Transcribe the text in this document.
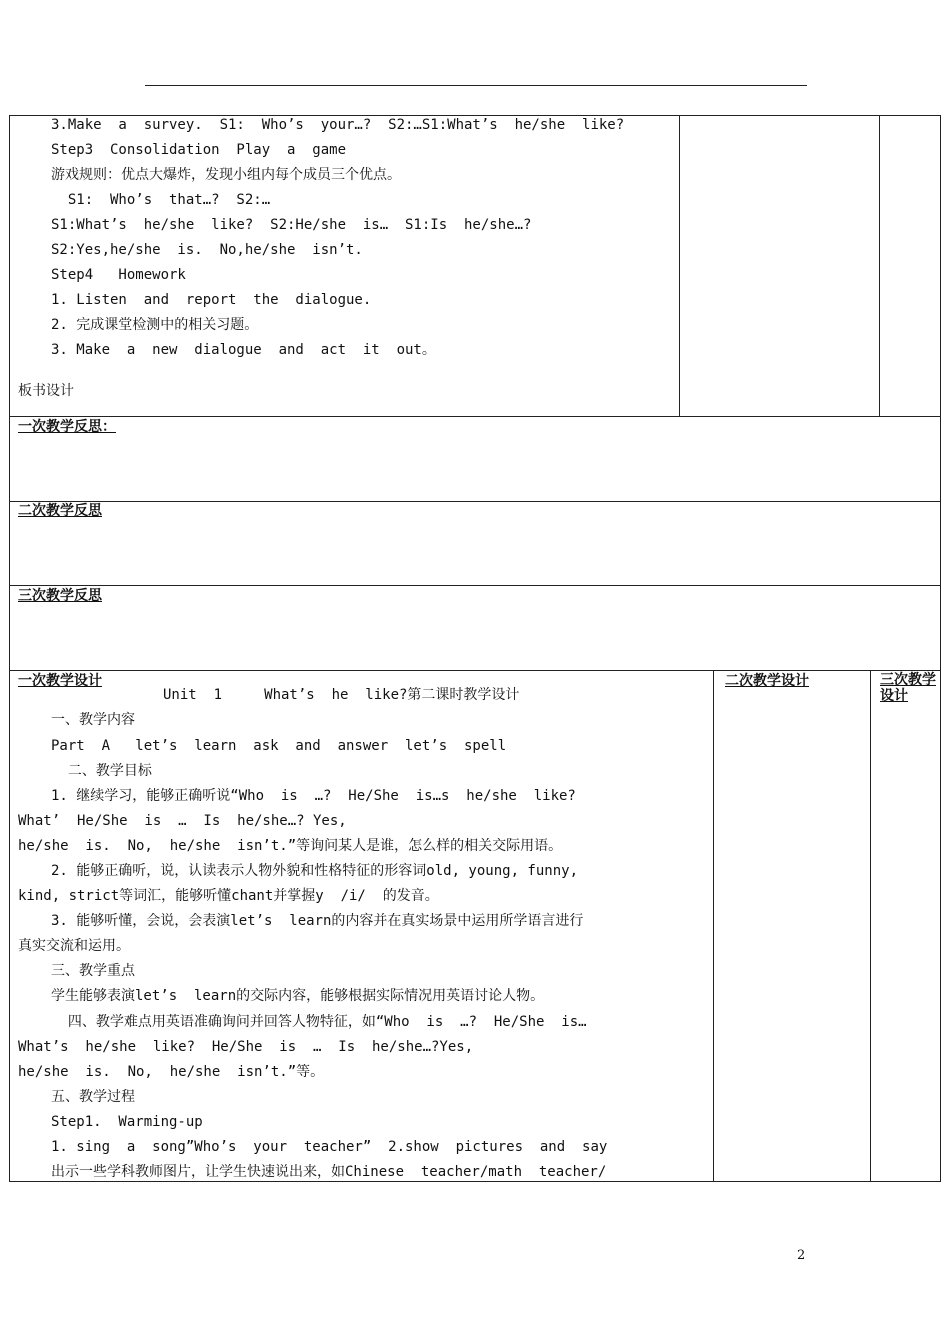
3.Make  a  survey.  S1:  Who’s  your…?  S2:…S1:What’s  he/she  like?
Step3  Consolidation  Play  a  game
游戏规则：优点大爆炸，发现小组内每个成员三个优点。
S1:  Who’s  that…?  S2:…
S1:What’s  he/she  like?  S2:He/she  is…  S1:Is  he/she…?
S2:Yes,he/she  is.  No,he/she  isn’t.
Step4   Homework
1. Listen  and  report  the  dialogue.
2. 完成课堂检测中的相关习题。
3. Make  a  new  dialogue  and  act  it  out。
板书设计
一次教学反思：
二次教学反思
三次教学反思
一次教学设计	二次教学设计	三次教学设计
Unit  1     What’s  he  like?第二课时教学设计
一、教学内容
Part  A   let’s  learn  ask  and  answer  let’s  spell
二、教学目标
1. 继续学习，能够正确听说“Who  is  …?  He/She  is…s  he/she  like?
What’  He/She  is  …  Is  he/she…? Yes,
he/she  is.  No,  he/she  isn’t.”等询问某人是谁，怎么样的相关交际用语。
2. 能够正确听，说，认读表示人物外貌和性格特征的形容词old, young, funny,
kind, strict等词汇，能够听懂chant并掌握y  /i/  的发音。
3. 能够听懂，会说，会表演let’s  learn的内容并在真实场景中运用所学语言进行
真实交流和运用。
三、教学重点
学生能够表演let’s  learn的交际内容，能够根据实际情况用英语讨论人物。
四、教学难点用英语准确询问并回答人物特征，如“Who  is  …?  He/She  is…
What’s  he/she  like?  He/She  is  …  Is  he/she…?Yes,
he/she  is.  No,  he/she  isn’t.”等。
五、教学过程
Step1.  Warming-up
1. sing  a  song”Who’s  your  teacher”  2.show  pictures  and  say
出示一些学科教师图片，让学生快速说出来，如Chinese  teacher/math  teacher/
2
